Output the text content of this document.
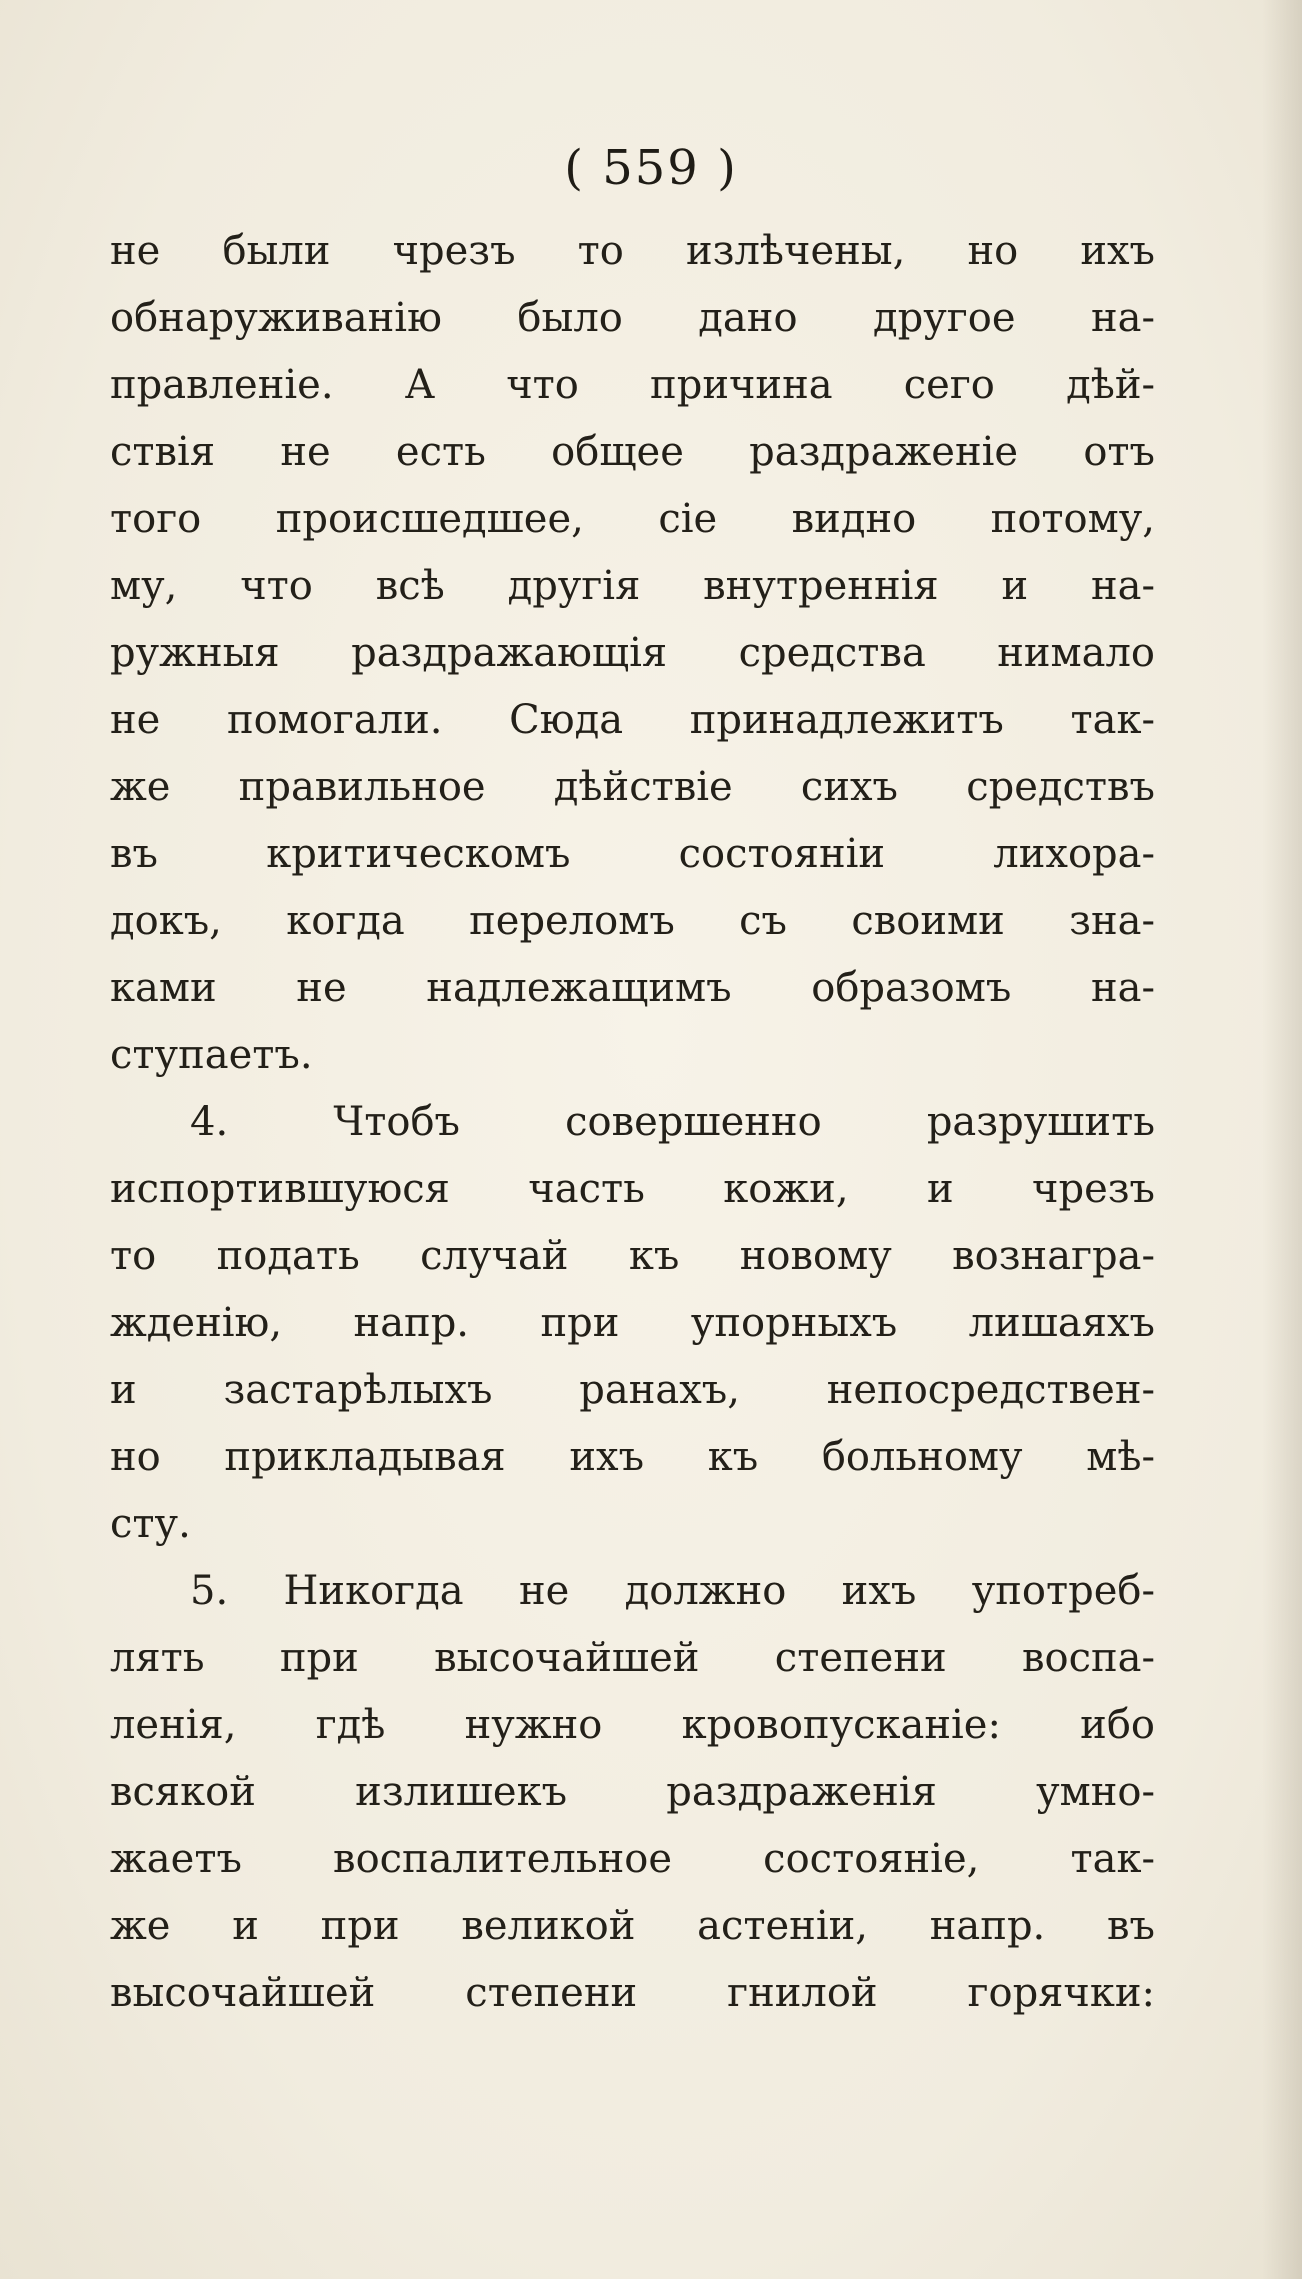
( 559 )
не были чрезъ то излѣчены, но ихъ
обнаруживанію было дано другое на-
правленіе. А что причина сего дѣй-
ствія не есть общее раздраженіе отъ
того происшедшее, сіе видно потому,
му, что всѣ другія внутреннія и на-
ружныя раздражающія средства нимало
не помогали. Сюда принадлежитъ так-
же правильное дѣйствіе сихъ средствъ
въ критическомъ состояніи лихора-
докъ, когда переломъ съ своими зна-
ками не надлежащимъ образомъ на-
ступаетъ.
4. Чтобъ совершенно разрушить
испортившуюся часть кожи, и чрезъ
то подать случай къ новому вознагра-
жденію, напр. при упорныхъ лишаяхъ
и застарѣлыхъ ранахъ, непосредствен-
но прикладывая ихъ къ больному мѣ-
сту.
5. Никогда не должно ихъ употреб-
лять при высочайшей степени воспа-
ленія, гдѣ нужно кровопусканіе: ибо
всякой излишекъ раздраженія умно-
жаетъ воспалительное состояніе, так-
же и при великой астеніи, напр. въ
высочайшей степени гнилой горячки:
